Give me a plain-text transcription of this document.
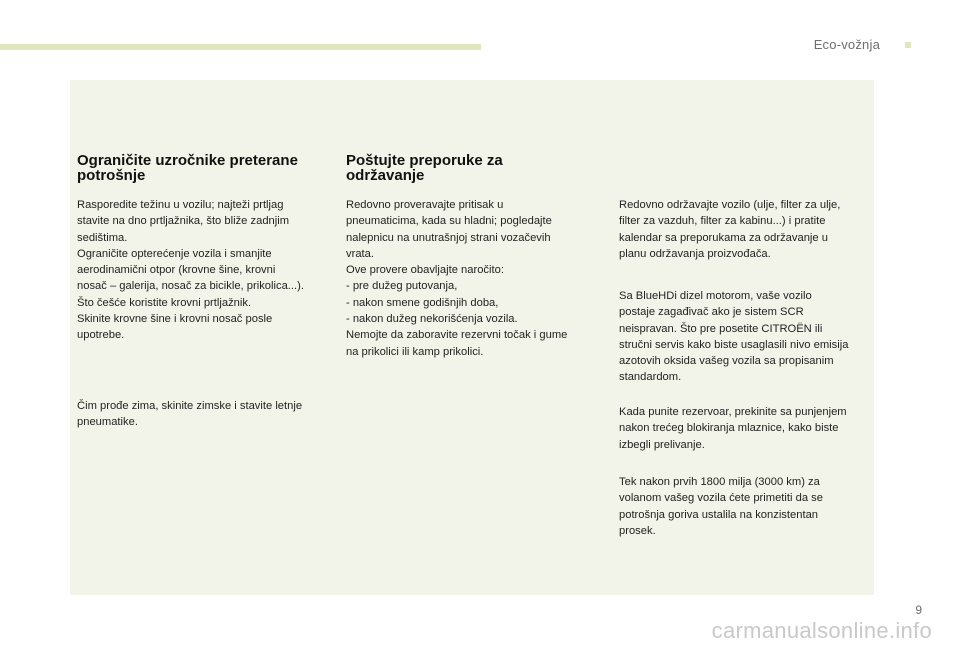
Eco-vožnja
Ograničite uzročnike preterane potrošnje

Rasporedite težinu u vozilu; najteži prtljag
stavite na dno prtljažnika, što bliže zadnjim
sedištima.
Ograničite opterećenje vozila i smanjite
aerodinamični otpor (krovne šine, krovni
nosač – galerija, nosač za bicikle, prikolica...).
Što češće koristite krovni prtljažnik.
Skinite krovne šine i krovni nosač posle
upotrebe.

Čim prođe zima, skinite zimske i stavite letnje
pneumatike.

Poštujte preporuke za održavanje

Redovno proveravajte pritisak u
pneumaticima, kada su hladni; pogledajte
nalepnicu na unutrašnjoj strani vozačevih
vrata.
Ove provere obavljajte naročito:
- pre dužeg putovanja,
- nakon smene godišnjih doba,
- nakon dužeg nekorišćenja vozila.
Nemojte da zaboravite rezervni točak i gume
na prikolici ili kamp prikolici.

Redovno održavajte vozilo (ulje, filter za ulje,
filter za vazduh, filter za kabinu...) i pratite
kalendar sa preporukama za održavanje u
planu održavanja proizvođača.

Sa BlueHDi dizel motorom, vaše vozilo
postaje zagađivač ako je sistem SCR
neispravan. Što pre posetite CITROËN ili
stručni servis kako biste usaglasili nivo emisija
azotovih oksida vašeg vozila sa propisanim
standardom.

Kada punite rezervoar, prekinite sa punjenjem
nakon trećeg blokiranja mlaznice, kako biste
izbegli prelivanje.

Tek nakon prvih 1800 milja (3000 km) za
volanom vašeg vozila ćete primetiti da se
potrošnja goriva ustalila na konzistentan
prosek.

9
carmanualsonline.info
